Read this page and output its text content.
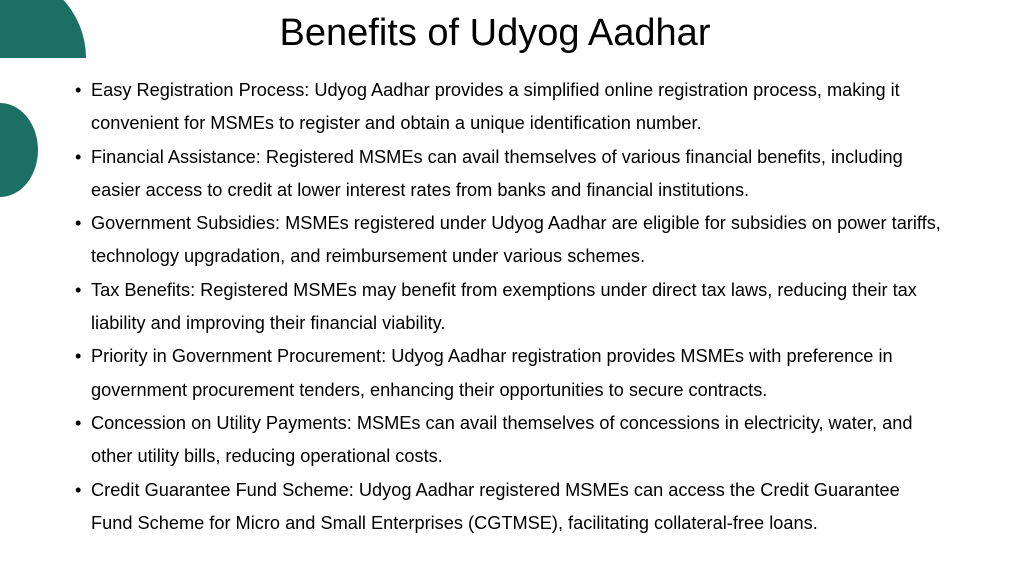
Benefits of Udyog Aadhar
• Easy Registration Process: Udyog Aadhar provides a simplified online registration process, making it
convenient for MSMEs to register and obtain a unique identification number.
• Financial Assistance: Registered MSMEs can avail themselves of various financial benefits, including
easier access to credit at lower interest rates from banks and financial institutions.
• Government Subsidies: MSMEs registered under Udyog Aadhar are eligible for subsidies on power tariffs,
technology upgradation, and reimbursement under various schemes.
• Tax Benefits: Registered MSMEs may benefit from exemptions under direct tax laws, reducing their tax
liability and improving their financial viability.
• Priority in Government Procurement: Udyog Aadhar registration provides MSMEs with preference in
government procurement tenders, enhancing their opportunities to secure contracts.
• Concession on Utility Payments: MSMEs can avail themselves of concessions in electricity, water, and
other utility bills, reducing operational costs.
• Credit Guarantee Fund Scheme: Udyog Aadhar registered MSMEs can access the Credit Guarantee
Fund Scheme for Micro and Small Enterprises (CGTMSE), facilitating collateral-free loans.
